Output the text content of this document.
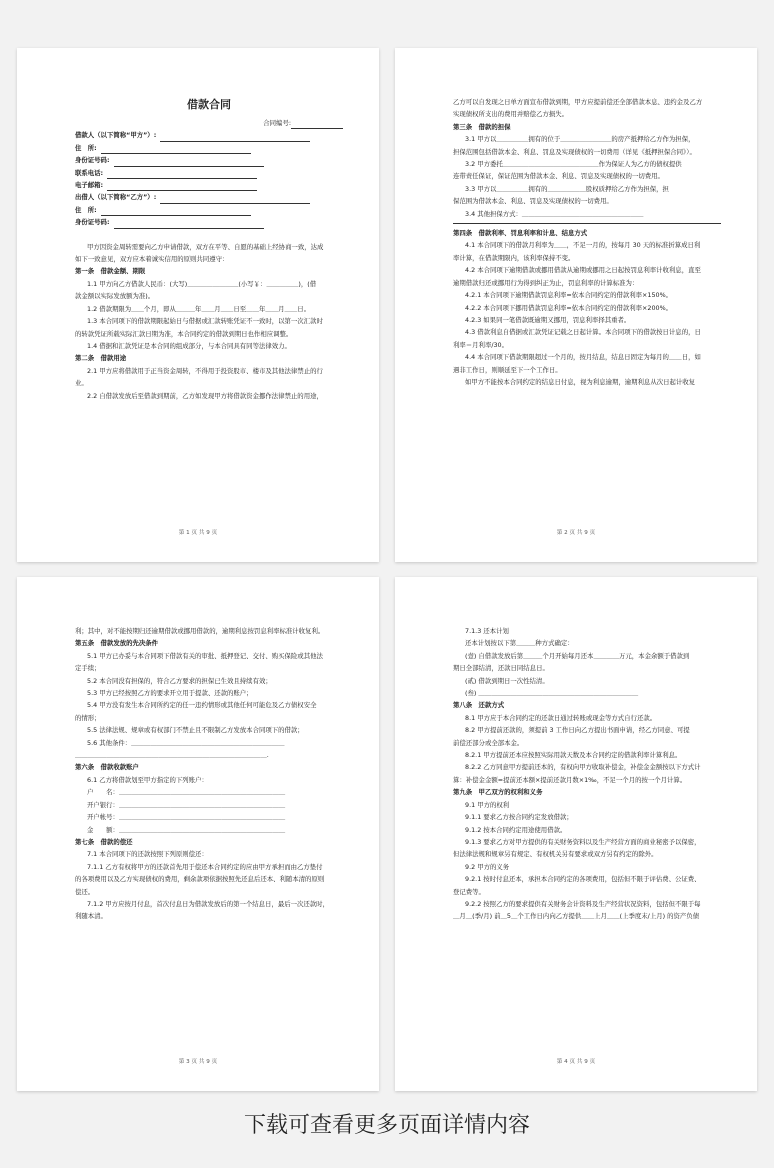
借款合同
合同编号:
借款人（以下简称“甲方”）:
住　所:
身份证号码:
联系电话:
电子邮箱:
出借人（以下简称“乙方”）:
住　所:
身份证号码:
甲方因资金周转需要向乙方申请借款，双方在平等、自愿的基础上经协商一致，达成
如下一致意见，双方应本着诚实信用的原则共同遵守：
第一条　借款金额、期限
1.1 甲方向乙方借款人民币：(大写)＿＿＿＿＿＿＿＿(小写￥：＿＿＿＿＿)，(借
款金额以实际发放额为准)。
1.2 借款期限为＿＿个月，即从＿＿＿年＿＿月＿＿日至＿＿年＿＿月＿＿日。
1.3 本合同项下的借款期限起始日与借据或汇款转账凭证不一致时，以第一次汇款时
的转款凭证所载实际汇款日期为准，本合同约定的借款到期日也作相应调整。
1.4 借据和汇款凭证是本合同的组成部分，与本合同具有同等法律效力。
第二条　借款用途
2.1 甲方应将借款用于正当资金周转，不得用于投资股市、楼市及其他法律禁止的行
业。
2.2 自借款发放后至借款到期前，乙方如发现甲方将借款资金挪作法律禁止的用途，
第 1 页 共 9 页
乙方可以自发现之日单方面宣布借款到期，甲方应提前偿还全部借款本息、违约金及乙方
实现债权所支出的费用并赔偿乙方损失。
第三条　借款的担保
3.1 甲方以＿＿＿＿＿拥有的位于＿＿＿＿＿＿＿＿的房产抵押给乙方作为担保，
担保范围包括借款本金、利息、罚息及实现债权的一切费用（详见《抵押担保合同》）。
3.2 甲方委托＿＿＿＿＿＿＿＿＿＿＿＿＿＿＿作为保证人为乙方的债权提供
连带责任保证，保证范围为借款本金、利息、罚息及实现债权的一切费用。
3.3 甲方以＿＿＿＿＿拥有的＿＿＿＿＿＿股权质押给乙方作为担保，担
保范围为借款本金、利息、罚息及实现债权的一切费用。
3.4 其他担保方式：＿＿＿＿＿＿＿＿＿＿＿＿＿＿＿＿＿＿＿
第四条　借款利率、罚息利率和计息、结息方式
4.1 本合同项下的借款月利率为＿＿，不足一月的，按每月 30 天的标准折算成日利
率计算，在借款期限内，该利率保持不变。
4.2 本合同项下逾期借款或挪用借款从逾期或挪用之日起按罚息利率计收利息，直至
逾期借款归还或挪用行为得到纠正为止，罚息利率的计算标准为：
4.2.1 本合同项下逾期借款罚息利率=依本合同约定的借款利率×150%。
4.2.2 本合同项下挪用借款罚息利率=依本合同约定的借款利率×200%。
4.2.3 如果同一笔借款既逾期又挪用，罚息利率择其重者。
4.3 借款利息自借据或汇款凭证记载之日起计算。本合同项下的借款按日计息的，日
利率＝月利率/30。
4.4 本合同项下借款期限超过一个月的，按月结息，结息日固定为每月的＿＿日，如
遇非工作日，则顺延至下一个工作日。
如甲方不能按本合同约定的结息日付息，视为利息逾期，逾期利息从次日起计收复
第 2 页 共 9 页
利；其中，对不能按期归还逾期借款或挪用借款的，逾期利息按罚息利率标准计收复利。
第五条　借款发放的先决条件
5.1 甲方已办妥与本合同项下借款有关的审批、抵押登记、交付、购买保险或其他法
定手续；
5.2 本合同没有担保的，符合乙方要求的担保已生效且持续有效；
5.3 甲方已经按照乙方的要求开立用于提款、还款的账户；
5.4 甲方没有发生本合同所约定的任一违约情形或其他任何可能危及乙方债权安全
的情形；
5.5 法律法规、规章或有权部门不禁止且不限制乙方发放本合同项下的借款；
5.6 其他条件：＿＿＿＿＿＿＿＿＿＿＿＿＿＿＿＿＿＿＿＿＿＿＿＿
＿＿＿＿＿＿＿＿＿＿＿＿＿＿＿＿＿＿＿＿＿＿＿＿＿＿＿＿＿＿.
第六条　借款收款账户
6.1 乙方将借款划至甲方指定的下列账户：
户　　名：＿＿＿＿＿＿＿＿＿＿＿＿＿＿＿＿＿＿＿＿＿＿＿＿＿＿
开户银行：＿＿＿＿＿＿＿＿＿＿＿＿＿＿＿＿＿＿＿＿＿＿＿＿＿＿
开户帐号：＿＿＿＿＿＿＿＿＿＿＿＿＿＿＿＿＿＿＿＿＿＿＿＿＿＿
金　　额：＿＿＿＿＿＿＿＿＿＿＿＿＿＿＿＿＿＿＿＿＿＿＿＿＿＿
第七条　借款的偿还
7.1 本合同项下的还款按照下列原则偿还：
7.1.1 乙方有权将甲方的还款首先用于偿还本合同约定的应由甲方承担而由乙方垫付
的各项费用以及乙方实现债权的费用，剩余款项依据按照先还息后还本、利随本清的原则
偿还。
7.1.2 甲方应按月付息，首次付息日为借款发放后的第一个结息日，最后一次还款时，
利随本清。
第 3 页 共 9 页
7.1.3 还本计划
还本计划按以下第＿＿＿种方式确定：
(壹) 自借款发放后第＿＿＿个月开始每月还本＿＿＿＿万元，本金余额于借款到
期日全部结清，还款日同结息日。
(贰) 借款到期日一次性结清。
(叁) ＿＿＿＿＿＿＿＿＿＿＿＿＿＿＿＿＿＿＿＿＿＿＿＿＿
第八条　还款方式
8.1 甲方应于本合同约定的还款日通过转账或现金等方式自行还款。
8.2 甲方提前还款的，须提前 3 工作日向乙方提出书面申请，经乙方同意、可提
前偿还部分或全部本金。
8.2.1 甲方提前还本应按照实际用款天数及本合同约定的借款利率计算利息。
8.2.2 乙方同意甲方提前还本的，有权向甲方收取补偿金，补偿金金额按以下方式计
算：补偿金金额=提前还本额×提前还款月数×1‰，不足一个月的按一个月计算。
第九条　甲乙双方的权利和义务
9.1 甲方的权利
9.1.1 要求乙方按合同约定发放借款；
9.1.2 按本合同约定用途使用借款。
9.1.3 要求乙方对甲方提供的有关财务资料以及生产经营方面的商业秘密予以保密，
但法律法规和规章另有规定、有权机关另有要求或双方另有约定的除外。
9.2 甲方的义务
9.2.1 按时付息还本，承担本合同约定的各项费用，包括但不限于评估费、公证费、
登记费等。
9.2.2 按照乙方的要求提供有关财务会计资料及生产经营状况资料，包括但不限于每
＿月＿(季/月) 前＿5＿个工作日内向乙方提供＿＿上月＿＿(上季度末/上月) 的资产负债
第 4 页 共 9 页
下载可查看更多页面详情内容
